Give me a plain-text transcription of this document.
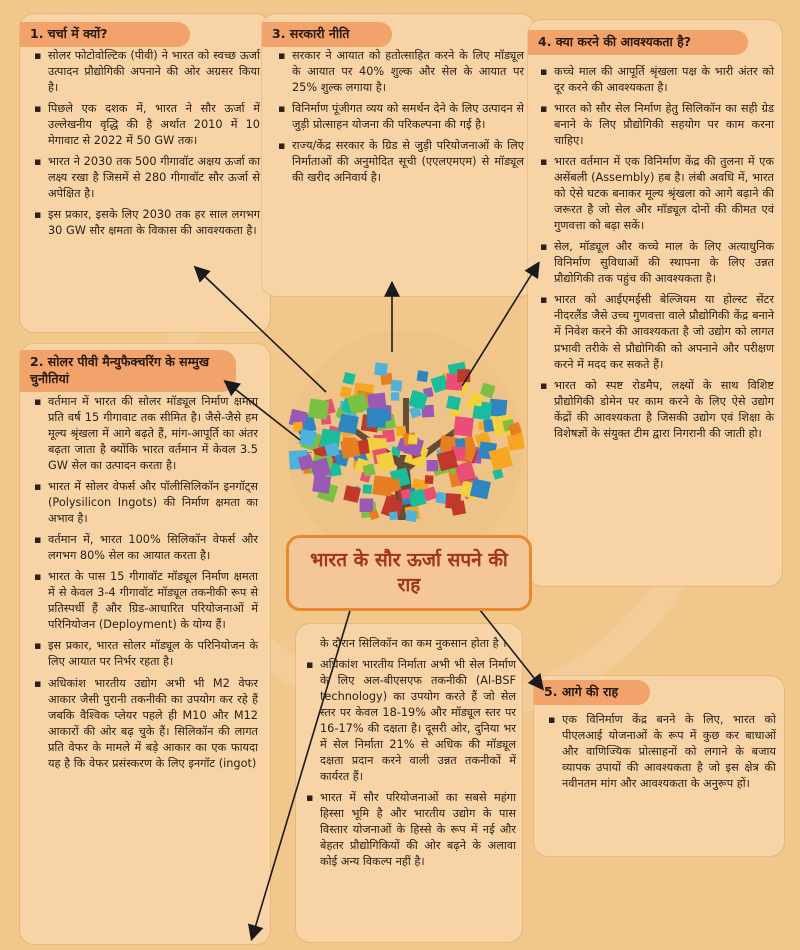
1. चर्चा में क्यों?
▪ सोलर फोटोवोल्टिक (पीवी) ने भारत को स्वच्छ ऊर्जा उत्पादन प्रौद्योगिकी अपनाने की ओर अग्रसर किया है।
▪ पिछले एक दशक में, भारत ने सौर ऊर्जा में उल्लेखनीय वृद्धि की है अर्थात 2010 में 10 मेगावाट से 2022 में 50 GW तक।
▪ भारत ने 2030 तक 500 गीगावॉट अक्षय ऊर्जा का लक्ष्य रखा है जिसमें से 280 गीगावॉट सौर ऊर्जा से अपेक्षित है।
▪ इस प्रकार, इसके लिए 2030 तक हर साल लगभग 30 GW सौर क्षमता के विकास की आवश्यकता है।
3. सरकारी नीति
▪ सरकार ने आयात को हतोत्साहित करने के लिए मॉड्यूल के आयात पर 40% शुल्क और सेल के आयात पर 25% शुल्क लगाया है।
▪ विनिर्माण पूंजीगत व्यय को समर्थन देने के लिए उत्पादन से जुड़ी प्रोत्साहन योजना की परिकल्पना की गई है।
▪ राज्य/केंद्र सरकार के ग्रिड से जुड़ी परियोजनाओं के लिए निर्माताओं की अनुमोदित सूची (एएलएमएम) से मॉड्यूल की खरीद अनिवार्य है।
4. क्या करने की आवश्यकता है?
▪ कच्चे माल की आपूर्ति श्रृंखला पक्ष के भारी अंतर को दूर करने की आवश्यकता है।
▪ भारत को सौर सेल निर्माण हेतु सिलिकॉन का सही ग्रेड बनाने के लिए प्रौद्योगिकी सहयोग पर काम करना चाहिए।
▪ भारत वर्तमान में एक विनिर्माण केंद्र की तुलना में एक असेंबली (Assembly) हब है। लंबी अवधि में, भारत को ऐसे घटक बनाकर मूल्य श्रृंखला को आगे बढ़ाने की जरूरत है जो सेल और मॉड्यूल दोनों की कीमत एवं गुणवत्ता को बढ़ा सकें।
▪ सेल, मॉड्यूल और कच्चे माल के लिए अत्याधुनिक विनिर्माण सुविधाओं की स्थापना के लिए उन्नत प्रौद्योगिकी तक पहुंच की आवश्यकता है।
▪ भारत को आईएमईसी बेल्जियम या होल्स्ट सेंटर नीदरलैंड जैसे उच्च गुणवत्ता वाले प्रौद्योगिकी केंद्र बनाने में निवेश करने की आवश्यकता है जो उद्योग को लागत प्रभावी तरीके से प्रौद्योगिकी को अपनाने और परीक्षण करने में मदद कर सकते हैं।
▪ भारत को स्पष्ट रोडमैप, लक्ष्यों के साथ विशिष्ट प्रौद्योगिकी डोमेन पर काम करने के लिए ऐसे उद्योग केंद्रों की आवश्यकता है जिसकी उद्योग एवं शिक्षा के विशेषज्ञों के संयुक्त टीम द्वारा निगरानी की जाती हो।
2. सोलर पीवी मैन्युफैक्चरिंग के सम्मुख चुनौतियां
▪ वर्तमान में भारत की सोलर मॉड्यूल निर्माण क्षमता प्रति वर्ष 15 गीगावाट तक सीमित है। जैसे-जैसे हम मूल्य श्रृंखला में आगे बढ़ते हैं, मांग-आपूर्ति का अंतर बढ़ता जाता है क्योंकि भारत वर्तमान में केवल 3.5 GW सेल का उत्पादन करता है।
▪ भारत में सोलर वेफर्स और पॉलीसिलिकॉन इनगॉट्स (Polysilicon Ingots) की निर्माण क्षमता का अभाव है।
▪ वर्तमान में, भारत 100% सिलिकॉन वेफर्स और लगभग 80% सेल का आयात करता है।
▪ भारत के पास 15 गीगावॉट मॉड्यूल निर्माण क्षमता में से केवल 3-4 गीगावॉट मॉड्यूल तकनीकी रूप से प्रतिस्पर्धी हैं और ग्रिड-आधारित परियोजनाओं में परिनियोजन (Deployment) के योग्य हैं।
▪ इस प्रकार, भारत सोलर मॉड्यूल के परिनियोजन के लिए आयात पर निर्भर रहता है।
▪ अधिकांश भारतीय उद्योग अभी भी M2 वेफर आकार जैसी पुरानी तकनीकी का उपयोग कर रहे हैं जबकि वैश्विक प्लेयर पहले ही M10 और M12 आकारों की ओर बढ़ चुके हैं। सिलिकॉन की लागत प्रति वेफर के मामले में बड़े आकार का एक फायदा यह है कि वेफर प्रसंस्करण के लिए इनगॉट (ingot)
के दौरान सिलिकॉन का कम नुकसान होता है ।
▪ अधिकांश भारतीय निर्माता अभी भी सेल निर्माण के लिए अल-बीएसएफ तकनीकी (Al-BSF technology) का उपयोग करते हैं जो सेल स्तर पर केवल 18-19% और मॉड्यूल स्तर पर 16-17% की दक्षता है। दूसरी ओर, दुनिया भर में सेल निर्माता 21% से अधिक की मॉड्यूल दक्षता प्रदान करने वाली उन्नत तकनीकों में कार्यरत हैं।
▪ भारत में सौर परियोजनाओं का सबसे महंगा हिस्सा भूमि है और भारतीय उद्योग के पास विस्तार योजनाओं के हिस्से के रूप में नई और बेहतर प्रौद्योगिकियों की ओर बढ़ने के अलावा कोई अन्य विकल्प नहीं है।
5. आगे की राह
▪ एक विनिर्माण केंद्र बनने के लिए, भारत को पीएलआई योजनाओं के रूप में कुछ कर बाधाओं और वाणिज्यिक प्रोत्साहनों को लगाने के बजाय व्यापक उपायों की आवश्यकता है जो इस क्षेत्र की नवीनतम मांग और आवश्यकता के अनुरूप हों।
भारत के सौर ऊर्जा सपने की राह
